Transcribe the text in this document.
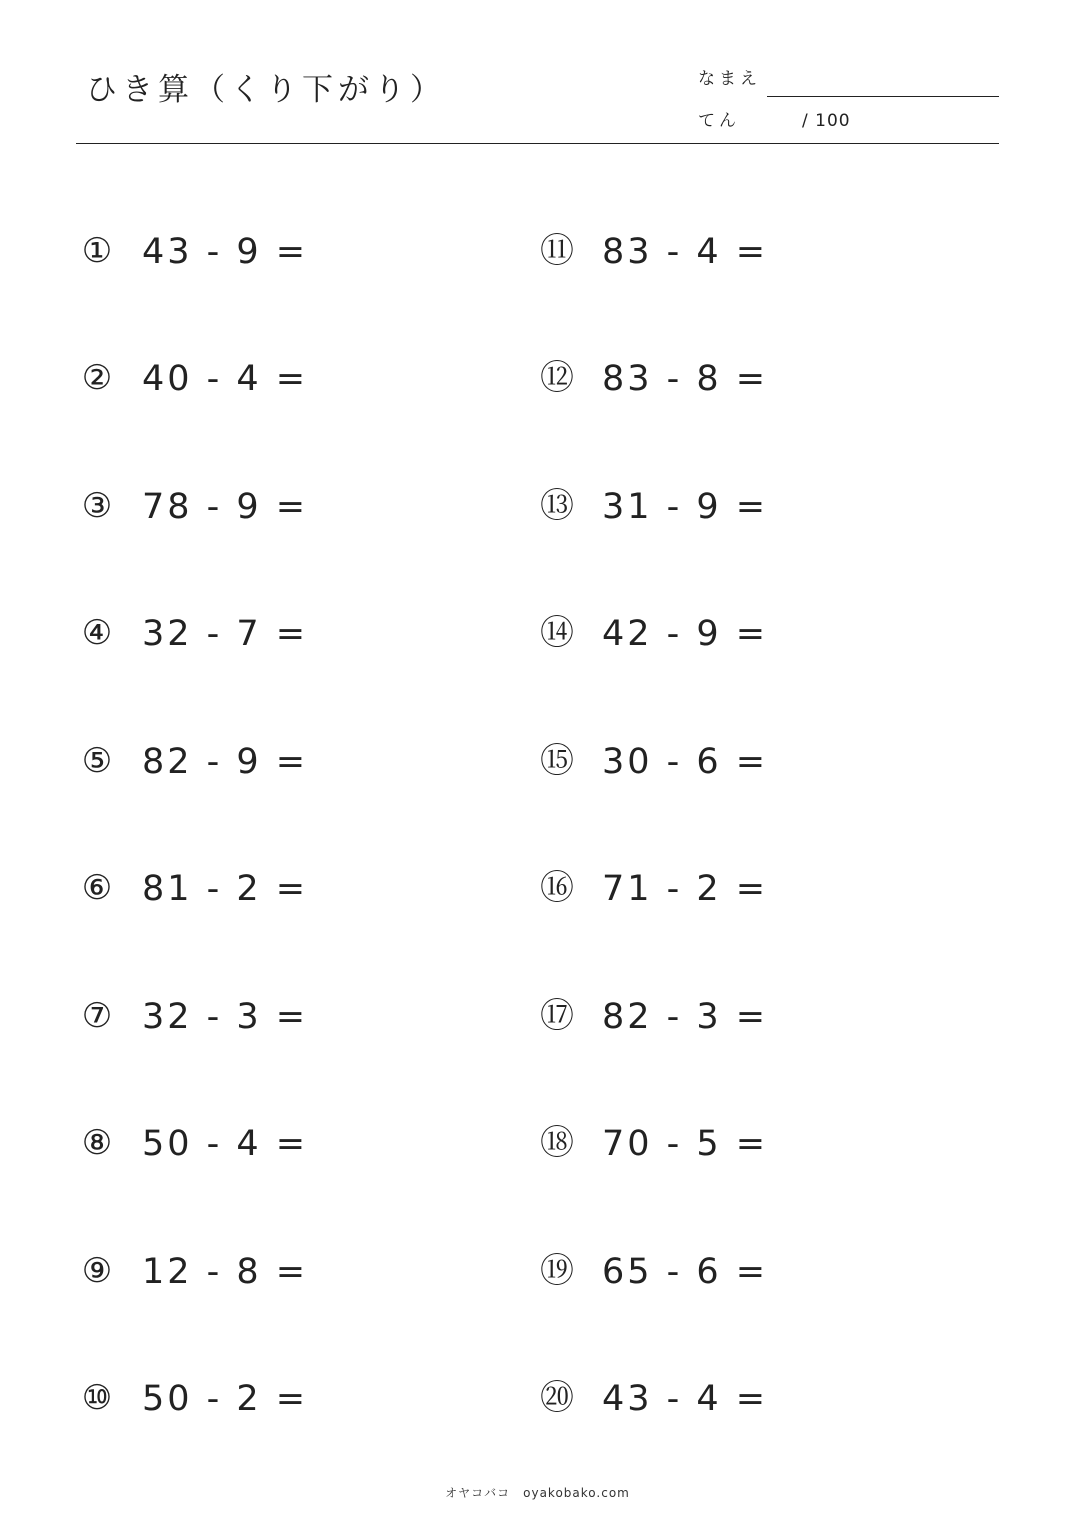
ひき算（くり下がり）	なまえ
てん	/ 100
① 43 - 9 =
② 40 - 4 =
③ 78 - 9 =
④ 32 - 7 =
⑤ 82 - 9 =
⑥ 81 - 2 =
⑦ 32 - 3 =
⑧ 50 - 4 =
⑨ 12 - 8 =
⑩ 50 - 2 =
⑪ 83 - 4 =
⑫ 83 - 8 =
⑬ 31 - 9 =
⑭ 42 - 9 =
⑮ 30 - 6 =
⑯ 71 - 2 =
⑰ 82 - 3 =
⑱ 70 - 5 =
⑲ 65 - 6 =
⑳ 43 - 4 =
オヤコバコ　oyakobako.com
